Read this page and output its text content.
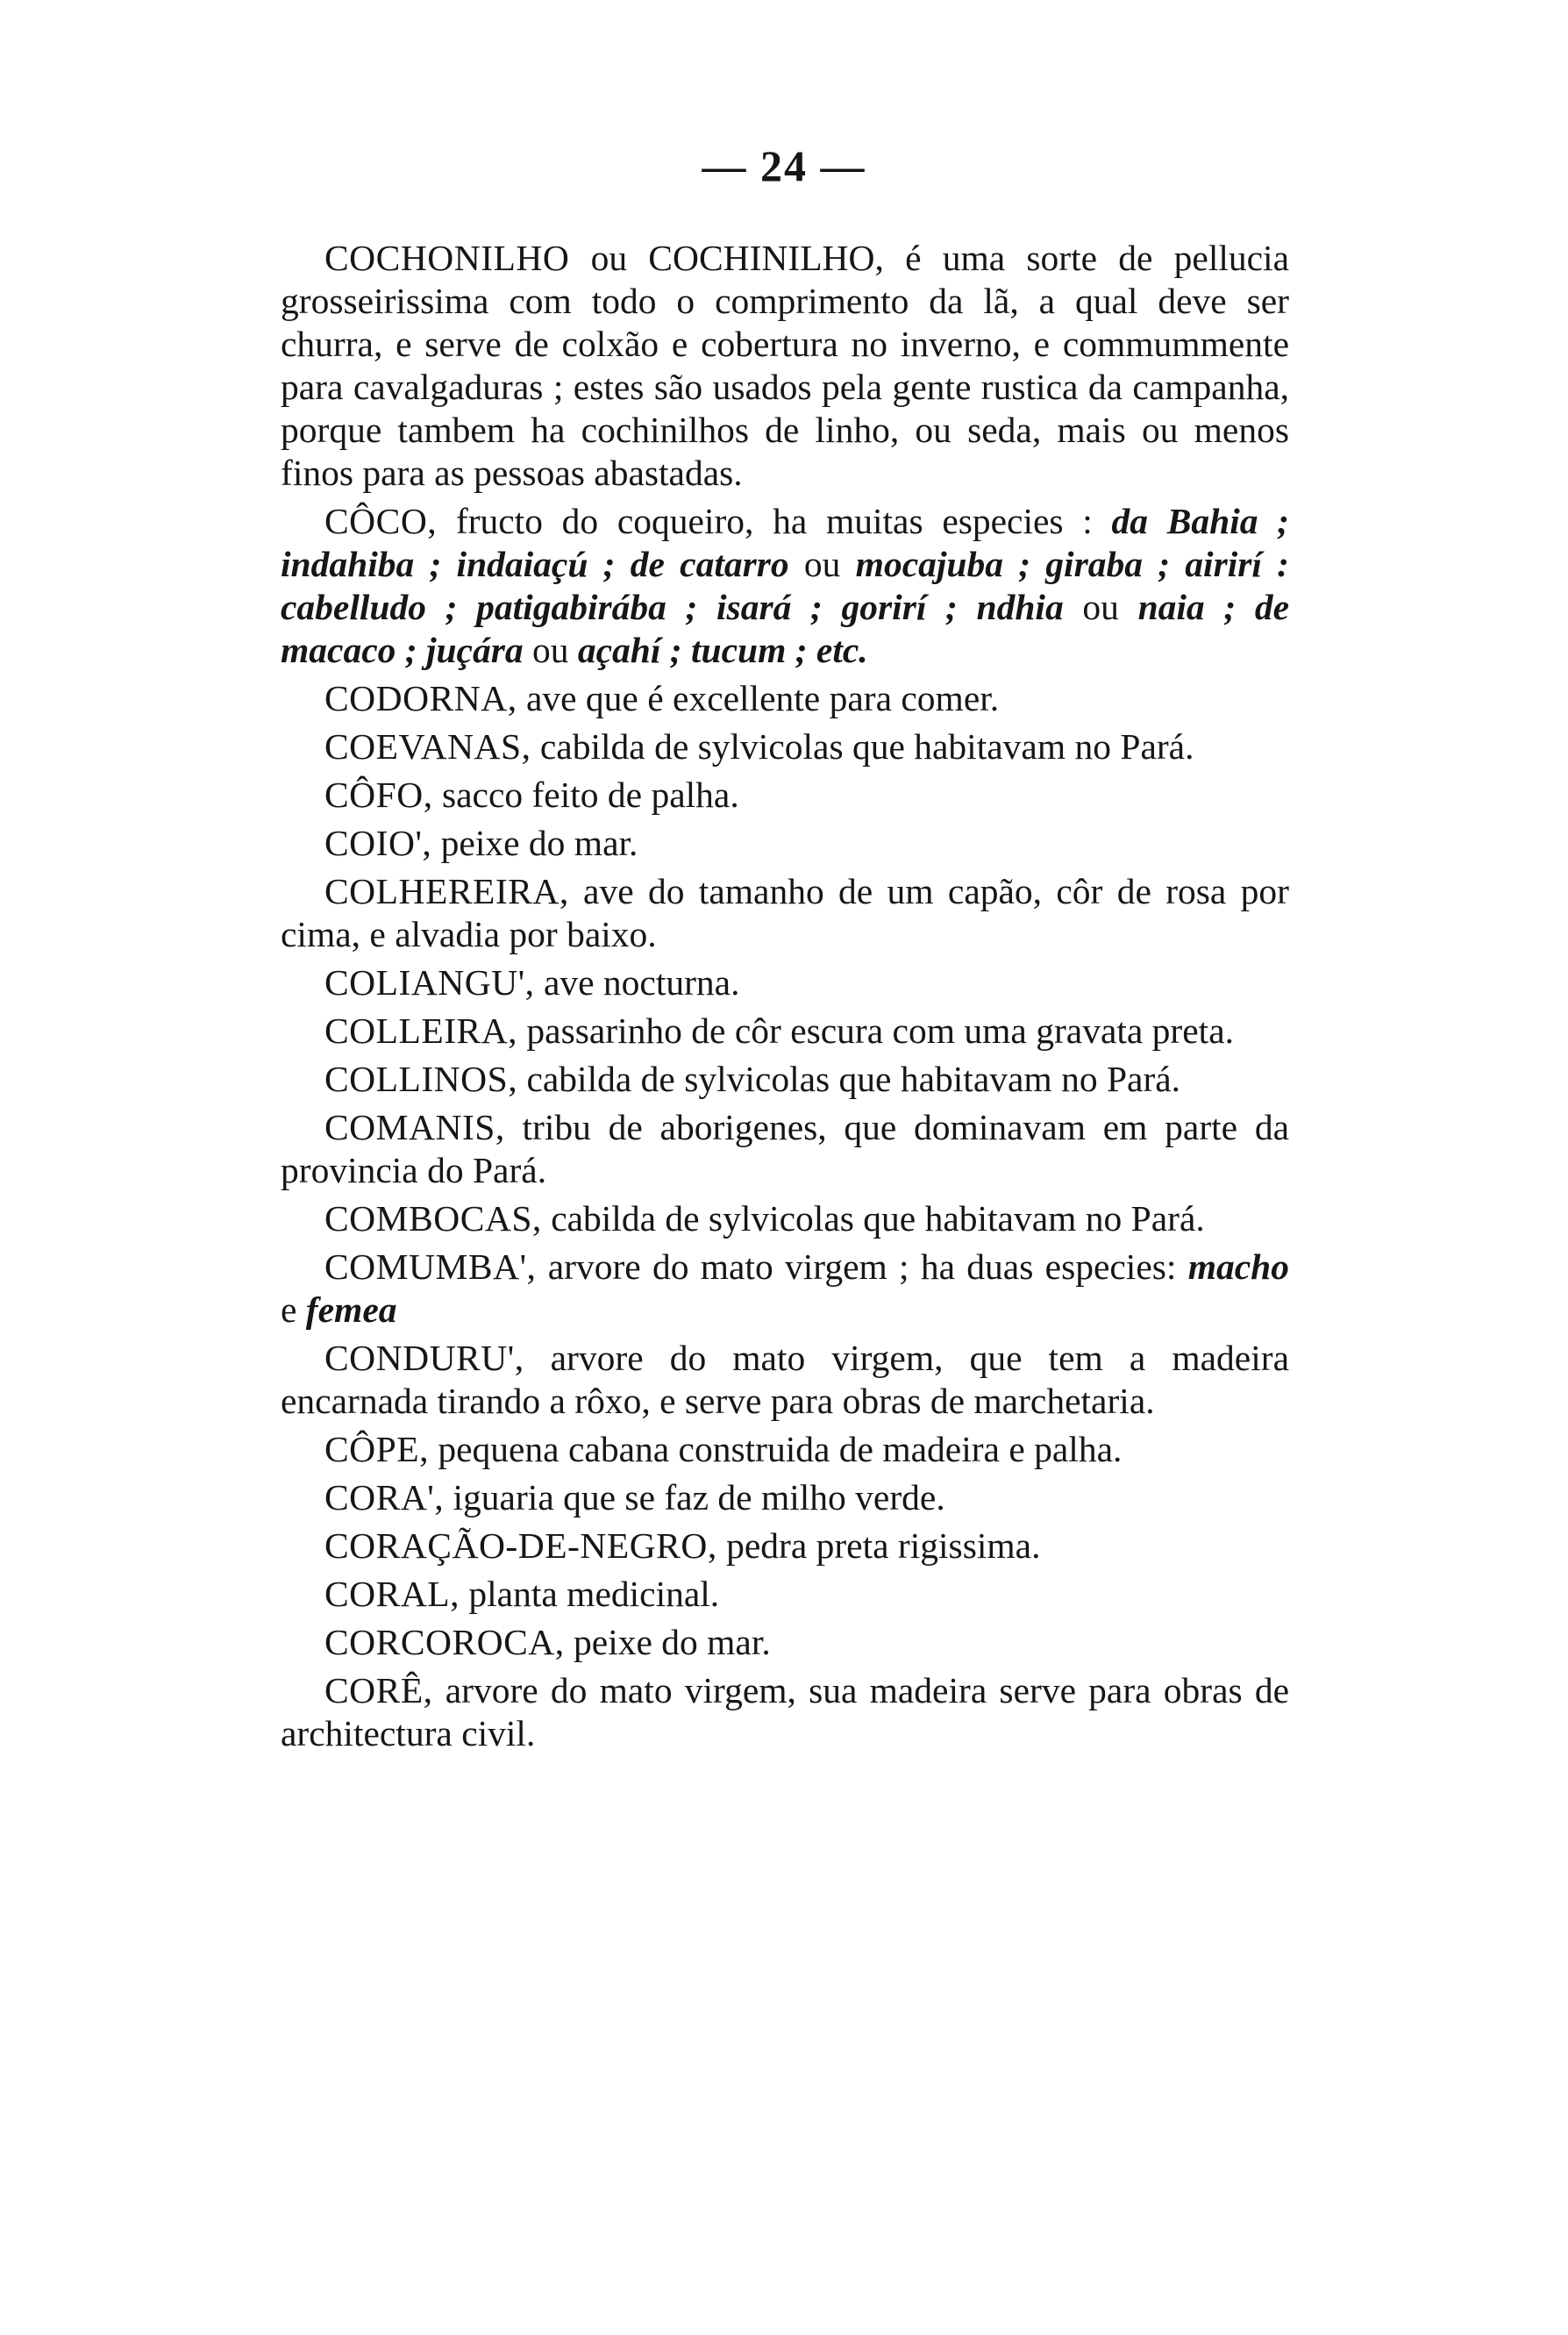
— 24 —

COCHONILHO ou COCHINILHO, é uma sorte de pellucia grosseirissima com todo o comprimento da lã, a qual deve ser churra, e serve de colxão e cobertura no inverno, e commummente para cavalgaduras ; estes são usados pela gente rustica da campanha, porque tambem ha cochinilhos de linho, ou seda, mais ou menos finos para as pessoas abastadas.

CÔCO, fructo do coqueiro, ha muitas especies : da Bahia ; indahiba ; indaiaçú ; de catarro ou mocajuba ; giraba ; airirí : cabelludo ; patigabirába ; isará ; gorirí ; ndhia ou naia ; de macaco ; juçára ou açahí ; tucum ; etc.

CODORNA, ave que é excellente para comer.

COEVANAS, cabilda de sylvicolas que habitavam no Pará.

CÔFO, sacco feito de palha.

COIO', peixe do mar.

COLHEREIRA, ave do tamanho de um capão, côr de rosa por cima, e alvadia por baixo.

COLIANGU', ave nocturna.

COLLEIRA, passarinho de côr escura com uma gravata preta.

COLLINOS, cabilda de sylvicolas que habitavam no Pará.

COMANIS, tribu de aborigenes, que dominavam em parte da provincia do Pará.

COMBOCAS, cabilda de sylvicolas que habitavam no Pará.

COMUMBA', arvore do mato virgem ; ha duas especies: macho e femea

CONDURU', arvore do mato virgem, que tem a madeira encarnada tirando a rôxo, e serve para obras de marchetaria.

CÔPE, pequena cabana construida de madeira e palha.

CORA', iguaria que se faz de milho verde.

CORAÇÃO-DE-NEGRO, pedra preta rigissima.

CORAL, planta medicinal.

CORCOROCA, peixe do mar.

CORÊ, arvore do mato virgem, sua madeira serve para obras de architectura civil.
